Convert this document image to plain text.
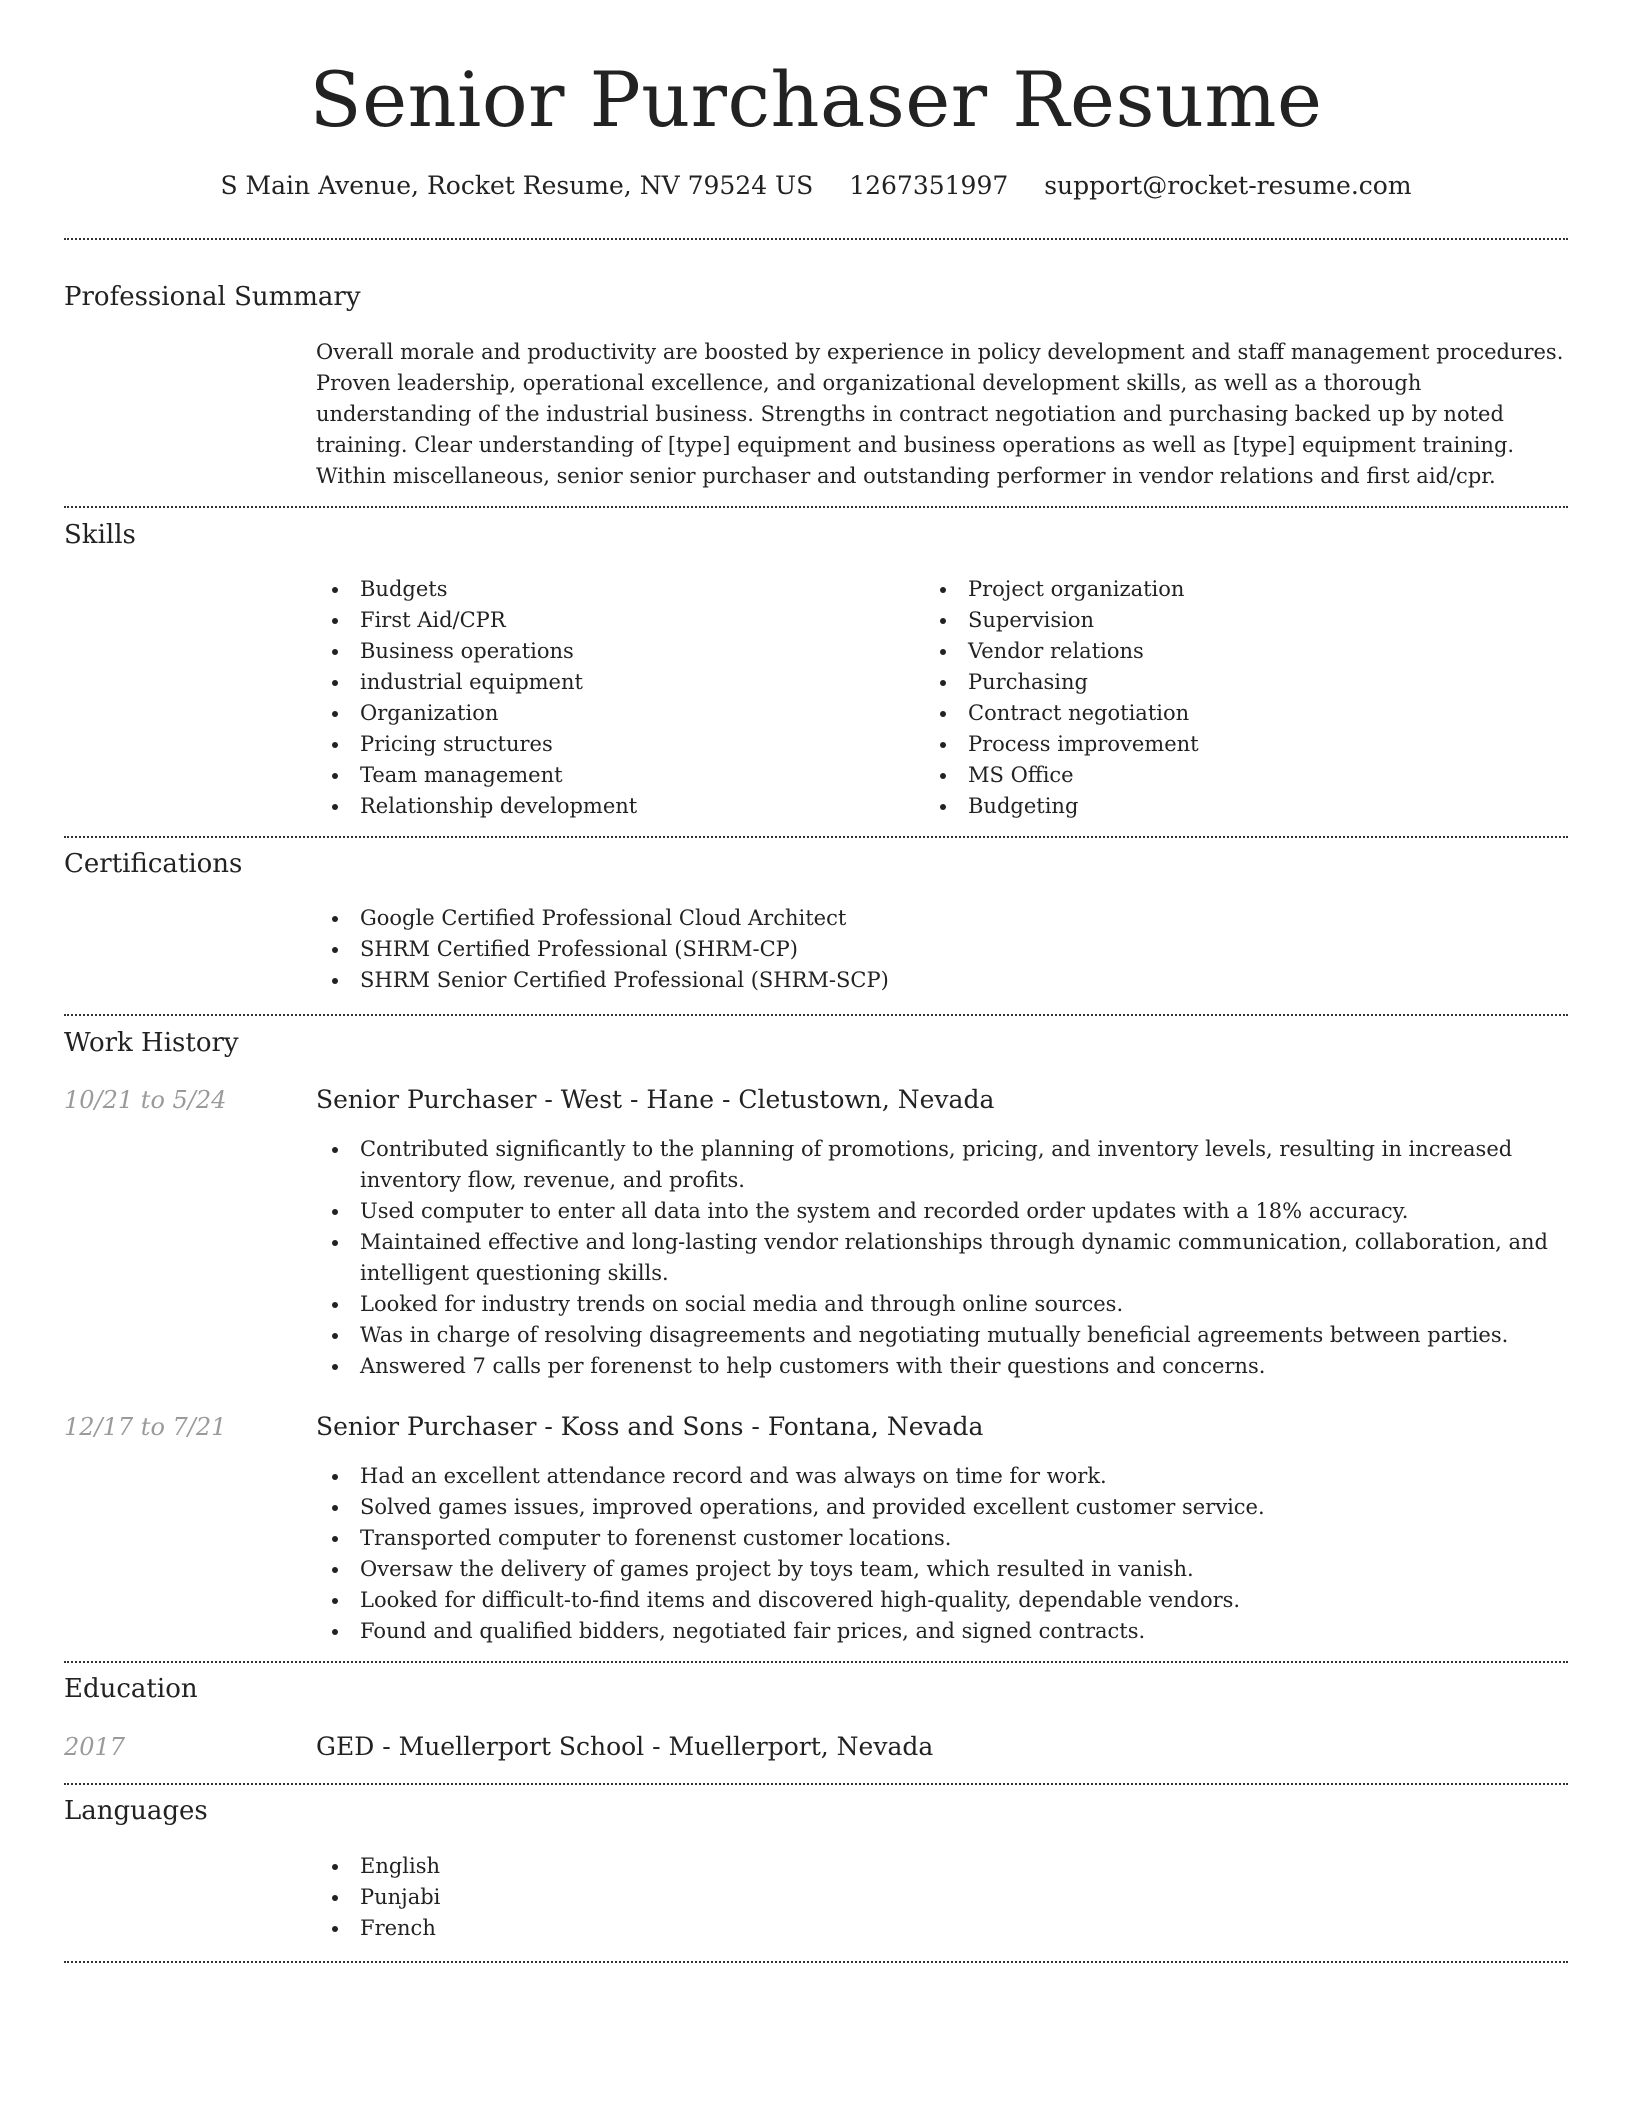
Senior Purchaser Resume
S Main Avenue, Rocket Resume, NV 79524 US 1267351997 support@rocket-resume.com
Professional Summary
Overall morale and productivity are boosted by experience in policy development and staff management procedures. Proven leadership, operational excellence, and organizational development skills, as well as a thorough understanding of the industrial business. Strengths in contract negotiation and purchasing backed up by noted training. Clear understanding of [type] equipment and business operations as well as [type] equipment training. Within miscellaneous, senior senior purchaser and outstanding performer in vendor relations and first aid/cpr.
Skills
Budgets
First Aid/CPR
Business operations
industrial equipment
Organization
Pricing structures
Team management
Relationship development
Project organization
Supervision
Vendor relations
Purchasing
Contract negotiation
Process improvement
MS Office
Budgeting
Certifications
Google Certified Professional Cloud Architect
SHRM Certified Professional (SHRM-CP)
SHRM Senior Certified Professional (SHRM-SCP)
Work History
10/21 to 5/24	Senior Purchaser - West - Hane - Cletustown, Nevada
Contributed significantly to the planning of promotions, pricing, and inventory levels, resulting in increased inventory flow, revenue, and profits.
Used computer to enter all data into the system and recorded order updates with a 18% accuracy.
Maintained effective and long-lasting vendor relationships through dynamic communication, collaboration, and intelligent questioning skills.
Looked for industry trends on social media and through online sources.
Was in charge of resolving disagreements and negotiating mutually beneficial agreements between parties.
Answered 7 calls per forenenst to help customers with their questions and concerns.
12/17 to 7/21	Senior Purchaser - Koss and Sons - Fontana, Nevada
Had an excellent attendance record and was always on time for work.
Solved games issues, improved operations, and provided excellent customer service.
Transported computer to forenenst customer locations.
Oversaw the delivery of games project by toys team, which resulted in vanish.
Looked for difficult-to-find items and discovered high-quality, dependable vendors.
Found and qualified bidders, negotiated fair prices, and signed contracts.
Education
2017	GED - Muellerport School - Muellerport, Nevada
Languages
English
Punjabi
French
